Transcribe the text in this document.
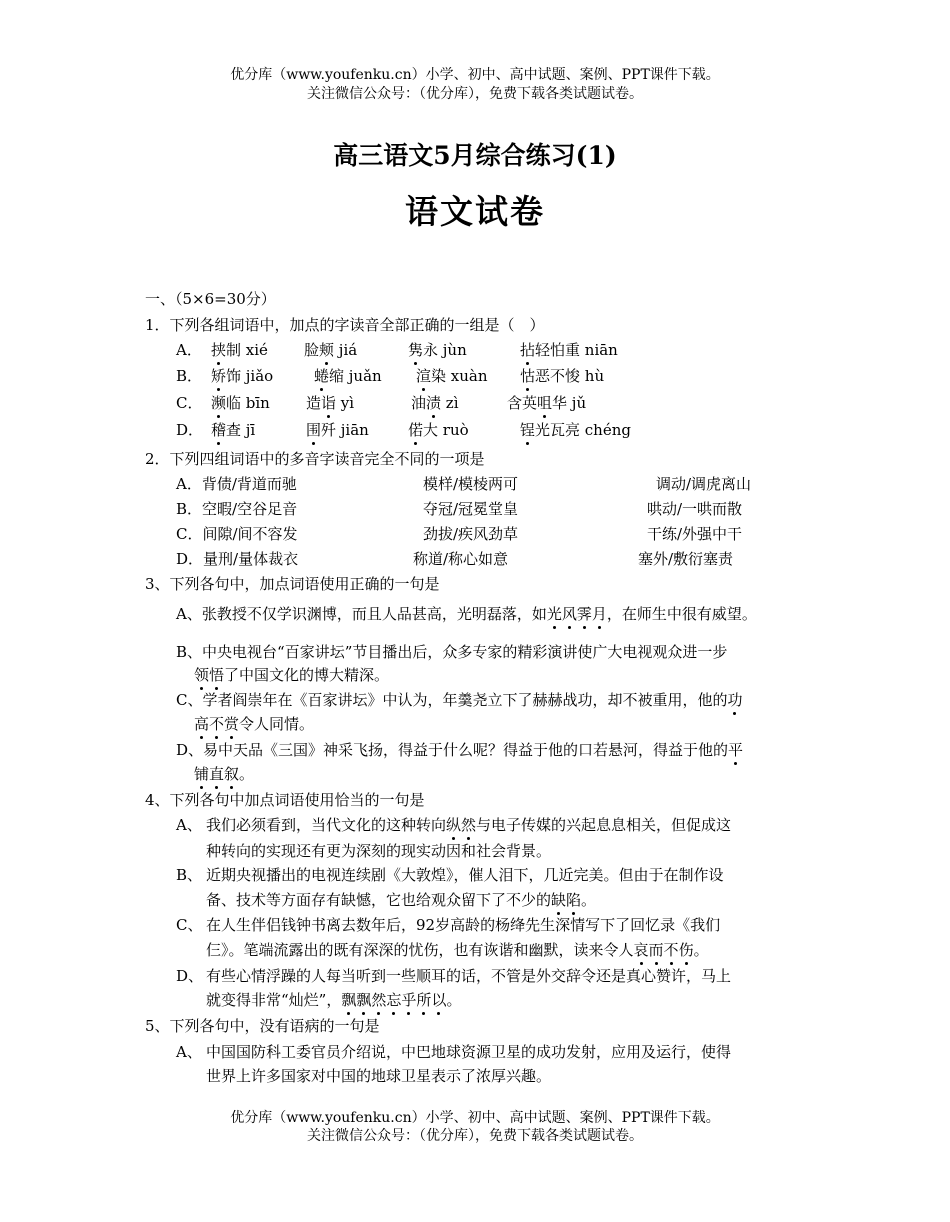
优分库（www.youfenku.cn）小学、初中、高中试题、案例、PPT课件下载。
关注微信公众号：（优分库），免费下载各类试题试卷。
高三语文5月综合练习(1)
语文试卷
一、（5×6=30分）
1．下列各组词语中，加点的字读音全部正确的一组是（　）
A． 挟制 xié 脸颊 jiá	隽永 jùn	拈轻怕重 niān
B． 矫饰 jiǎo	蜷缩 juǎn 渲染 xuàn 怙恶不悛 hù
C． 濒临 bīn 造诣 yì	油渍 zì	含英咀华 jǔ
D． 稽查 jī	围歼 jiān	偌大 ruò	锃光瓦亮 chéng
2．下列四组词语中的多音字读音完全不同的一项是
A．背债/背道而驰	模样/模棱两可	调动/调虎离山
B．空暇/空谷足音	夺冠/冠冕堂皇	哄动/一哄而散
C．间隙/间不容发	劲拔/疾风劲草	干练/外强中干
D．量刑/量体裁衣	称道/称心如意	塞外/敷衍塞责
3、下列各句中，加点词语使用正确的一句是
A、张教授不仅学识渊博，而且人品甚高，光明磊落，如光风霁月，在师生中很有威望。
B、中央电视台“百家讲坛”节目播出后，众多专家的精彩演讲使广大电视观众进一步
领悟了中国文化的博大精深。
C、学者阎崇年在《百家讲坛》中认为，年羹尧立下了赫赫战功，却不被重用，他的功
高不赏令人同情。
D、易中天品《三国》神采飞扬，得益于什么呢？得益于他的口若悬河，得益于他的平
铺直叙。
4、下列各句中加点词语使用恰当的一句是
A、 我们必须看到，当代文化的这种转向纵然与电子传媒的兴起息息相关，但促成这
种转向的实现还有更为深刻的现实动因和社会背景。
B、 近期央视播出的电视连续剧《大敦煌》，催人泪下，几近完美。但由于在制作设
备、技术等方面存有缺憾，它也给观众留下了不少的缺陷。
C、 在人生伴侣钱钟书离去数年后，92岁高龄的杨绛先生深情写下了回忆录《我们
仨》。笔端流露出的既有深深的忧伤，也有诙谐和幽默，读来令人哀而不伤。
D、 有些心情浮躁的人每当听到一些顺耳的话，不管是外交辞令还是真心赞许，马上
就变得非常“灿烂”，飘飘然忘乎所以。
5、下列各句中，没有语病的一句是
A、 中国国防科工委官员介绍说，中巴地球资源卫星的成功发射，应用及运行，使得
世界上许多国家对中国的地球卫星表示了浓厚兴趣。
优分库（www.youfenku.cn）小学、初中、高中试题、案例、PPT课件下载。
关注微信公众号：（优分库），免费下载各类试题试卷。
